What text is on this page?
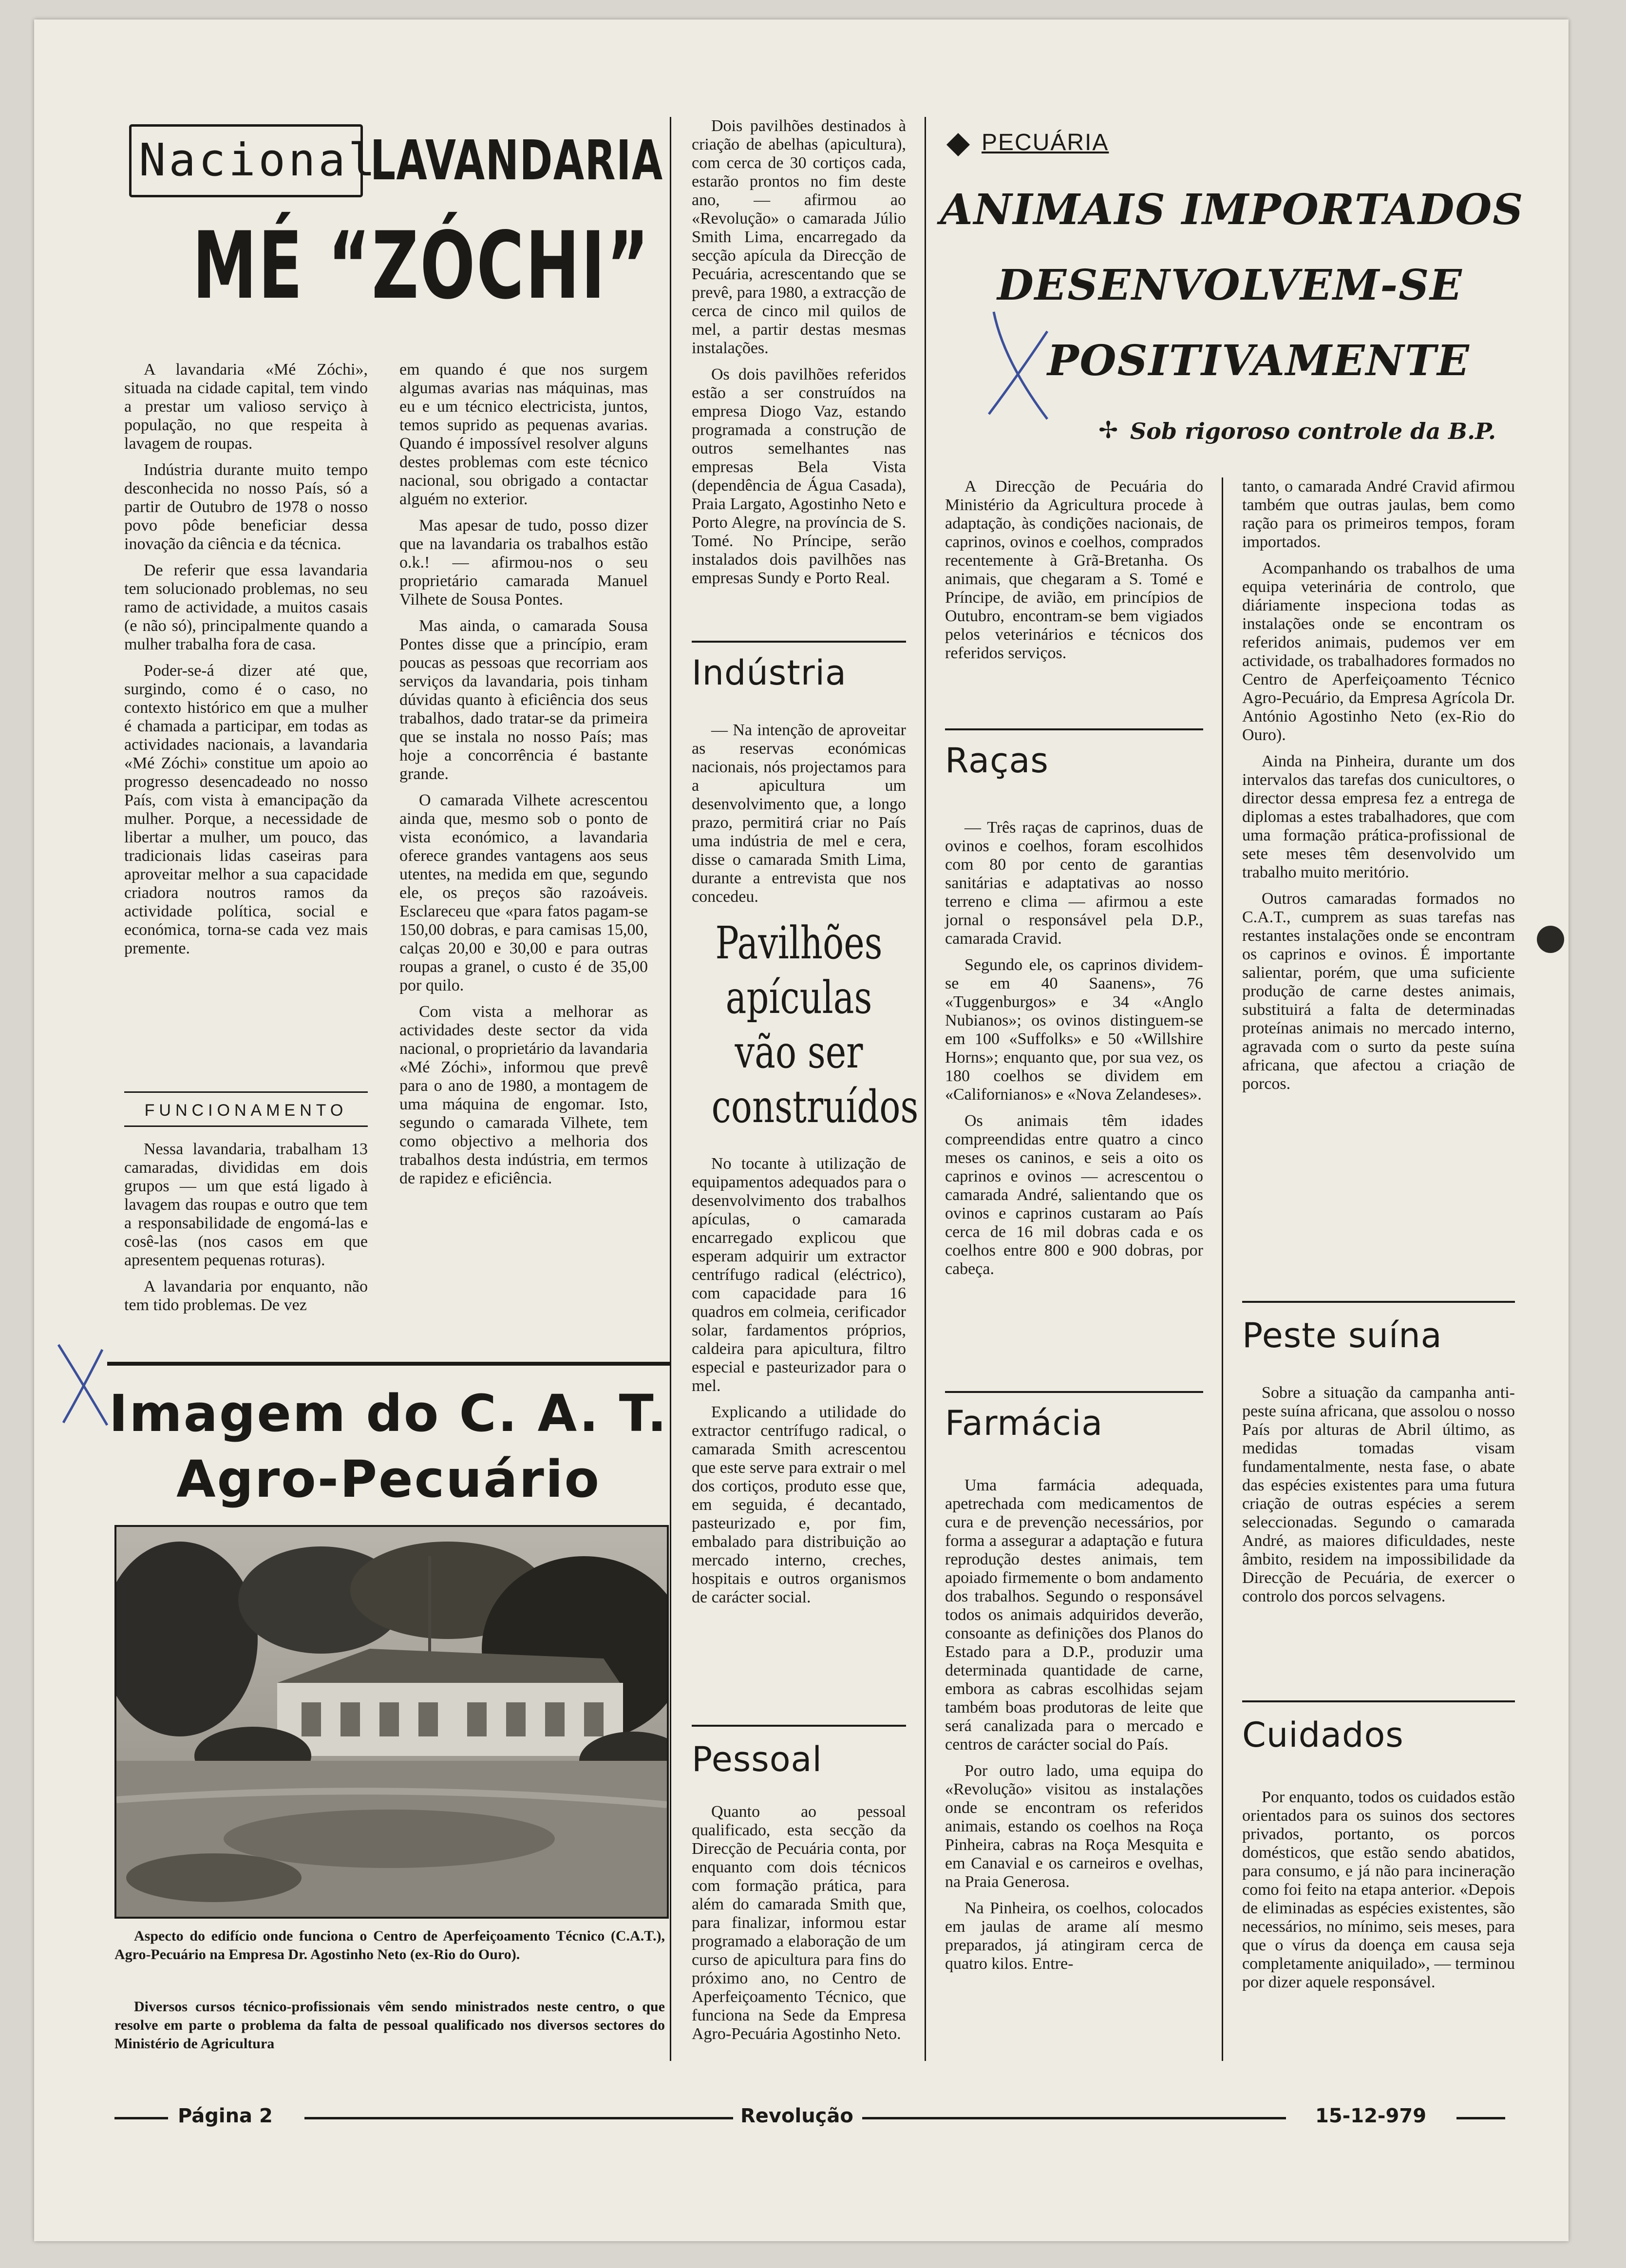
Nacional
LAVANDARIA
MÉ “ZÓCHI”

A lavandaria «Mé Zóchi», situada na cidade capital, tem vindo a prestar um valioso serviço à população, no que respeita à lavagem de roupas.

Indústria durante muito tempo desconhecida no nosso País, só a partir de Outubro de 1978 o nosso povo pôde beneficiar dessa inovação da ciência e da técnica.

De referir que essa lavandaria tem solucionado problemas, no seu ramo de actividade, a muitos casais (e não só), principalmente quando a mulher trabalha fora de casa.

Poder-se-á dizer até que, surgindo, como é o caso, no contexto histórico em que a mulher é chamada a participar, em todas as actividades nacionais, a lavandaria «Mé Zóchi» constitue um apoio ao progresso desencadeado no nosso País, com vista à emancipação da mulher. Porque, a necessidade de libertar a mulher, um pouco, das tradicionais lidas caseiras para aproveitar melhor a sua capacidade criadora noutros ramos da actividade política, social e económica, torna-se cada vez mais premente.

FUNCIONAMENTO

Nessa lavandaria, trabalham 13 camaradas, divididas em dois grupos — um que está ligado à lavagem das roupas e outro que tem a responsabilidade de engomá-las e cosê-las (nos casos em que apresentem pequenas roturas).

A lavandaria por enquanto, não tem tido problemas. De vez

em quando é que nos surgem algumas avarias nas máquinas, mas eu e um técnico electricista, juntos, temos suprido as pequenas avarias. Quando é impossível resolver alguns destes problemas com este técnico nacional, sou obrigado a contactar alguém no exterior.

Mas apesar de tudo, posso dizer que na lavandaria os trabalhos estão o.k.! — afirmou-nos o seu proprietário camarada Manuel Vilhete de Sousa Pontes.

Mas ainda, o camarada Sousa Pontes disse que a princípio, eram poucas as pessoas que recorriam aos serviços da lavandaria, pois tinham dúvidas quanto à eficiência dos seus trabalhos, dado tratar-se da primeira que se instala no nosso País; mas hoje a concorrência é bastante grande.

O camarada Vilhete acrescentou ainda que, mesmo sob o ponto de vista económico, a lavandaria oferece grandes vantagens aos seus utentes, na medida em que, segundo ele, os preços são razoáveis. Esclareceu que «para fatos pagam-se 150,00 dobras, e para camisas 15,00, calças 20,00 e 30,00 e para outras roupas a granel, o custo é de 35,00 por quilo.

Com vista a melhorar as actividades deste sector da vida nacional, o proprietário da lavandaria «Mé Zóchi», informou que prevê para o ano de 1980, a montagem de uma máquina de engomar. Isto, segundo o camarada Vilhete, tem como objectivo a melhoria dos trabalhos desta indústria, em termos de rapidez e eficiência.

Imagem do C. A. T.
Agro-Pecuário
Aspecto do edifício onde funciona o Centro de Aperfeiçoamento Técnico (C.A.T.), Agro-Pecuário na Empresa Dr. Agostinho Neto (ex-Rio do Ouro).
Diversos cursos técnico-profissionais vêm sendo ministrados neste centro, o que resolve em parte o problema da falta de pessoal qualificado nos diversos sectores do Ministério de Agricultura

Dois pavilhões destinados à criação de abelhas (apicultura), com cerca de 30 cortiços cada, estarão prontos no fim deste ano, — afirmou ao «Revolução» o camarada Júlio Smith Lima, encarregado da secção apícula da Direcção de Pecuária, acrescentando que se prevê, para 1980, a extracção de cerca de cinco mil quilos de mel, a partir destas mesmas instalações.

Os dois pavilhões referidos estão a ser construídos na empresa Diogo Vaz, estando programada a construção de outros semelhantes nas empresas Bela Vista (dependência de Água Casada), Praia Largato, Agostinho Neto e Porto Alegre, na província de S. Tomé. No Príncipe, serão instalados dois pavilhões nas empresas Sundy e Porto Real.

Indústria

— Na intenção de aproveitar as reservas económicas nacionais, nós projectamos para a apicultura um desenvolvimento que, a longo prazo, permitirá criar no País uma indústria de mel e cera, disse o camarada Smith Lima, durante a entrevista que nos concedeu.

Pavilhões
apículas
vão ser
construídos

No tocante à utilização de equipamentos adequados para o desenvolvimento dos trabalhos apículas, o camarada encarregado explicou que esperam adquirir um extractor centrífugo radical (eléctrico), com capacidade para 16 quadros em colmeia, cerificador solar, fardamentos próprios, caldeira para apicultura, filtro especial e pasteurizador para o mel.

Explicando a utilidade do extractor centrífugo radical, o camarada Smith acrescentou que este serve para extrair o mel dos cortiços, produto esse que, em seguida, é decantado, pasteurizado e, por fim, embalado para distribuição ao mercado interno, creches, hospitais e outros organismos de carácter social.

Pessoal

Quanto ao pessoal qualificado, esta secção da Direcção de Pecuária conta, por enquanto com dois técnicos com formação prática, para além do camarada Smith que, para finalizar, informou estar programado a elaboração de um curso de apicultura para fins do próximo ano, no Centro de Aperfeiçoamento Técnico, que funciona na Sede da Empresa Agro-Pecuária Agostinho Neto.

PECUÁRIA
ANIMAIS IMPORTADOS
DESENVOLVEM-SE
POSITIVAMENTE
✢ Sob rigoroso controle da B.P.

A Direcção de Pecuária do Ministério da Agricultura procede à adaptação, às condições nacionais, de caprinos, ovinos e coelhos, comprados recentemente à Grã-Bretanha. Os animais, que chegaram a S. Tomé e Príncipe, de avião, em princípios de Outubro, encontram-se bem vigiados pelos veterinários e técnicos dos referidos serviços.

Raças

— Três raças de caprinos, duas de ovinos e coelhos, foram escolhidos com 80 por cento de garantias sanitárias e adaptativas ao nosso terreno e clima — afirmou a este jornal o responsável pela D.P., camarada Cravid.

Segundo ele, os caprinos dividem-se em 40 Saanens», 76 «Tuggenburgos» e 34 «Anglo Nubianos»; os ovinos distinguem-se em 100 «Suffolks» e 50 «Willshire Horns»; enquanto que, por sua vez, os 180 coelhos se dividem em «Californianos» e «Nova Zelandeses».

Os animais têm idades compreendidas entre quatro a cinco meses os caninos, e seis a oito os caprinos e ovinos — acrescentou o camarada André, salientando que os ovinos e caprinos custaram ao País cerca de 16 mil dobras cada e os coelhos entre 800 e 900 dobras, por cabeça.

Farmácia

Uma farmácia adequada, apetrechada com medicamentos de cura e de prevenção necessários, por forma a assegurar a adaptação e futura reprodução destes animais, tem apoiado firmemente o bom andamento dos trabalhos. Segundo o responsável todos os animais adquiridos deverão, consoante as definições dos Planos do Estado para a D.P., produzir uma determinada quantidade de carne, embora as cabras escolhidas sejam também boas produtoras de leite que será canalizada para o mercado e centros de carácter social do País.

Por outro lado, uma equipa do «Revolução» visitou as instalações onde se encontram os referidos animais, estando os coelhos na Roça Pinheira, cabras na Roça Mesquita e em Canavial e os carneiros e ovelhas, na Praia Generosa.

Na Pinheira, os coelhos, colocados em jaulas de arame alí mesmo preparados, já atingiram cerca de quatro kilos. Entre-

tanto, o camarada André Cravid afirmou também que outras jaulas, bem como ração para os primeiros tempos, foram importados.

Acompanhando os trabalhos de uma equipa veterinária de controlo, que diáriamente inspeciona todas as instalações onde se encontram os referidos animais, pudemos ver em actividade, os trabalhadores formados no Centro de Aperfeiçoamento Técnico Agro-Pecuário, da Empresa Agrícola Dr. António Agostinho Neto (ex-Rio do Ouro).

Ainda na Pinheira, durante um dos intervalos das tarefas dos cunicultores, o director dessa empresa fez a entrega de diplomas a estes trabalhadores, que com uma formação prática-profissional de sete meses têm desenvolvido um trabalho muito meritório.

Outros camaradas formados no C.A.T., cumprem as suas tarefas nas restantes instalações onde se encontram os caprinos e ovinos. É importante salientar, porém, que uma suficiente produção de carne destes animais, substituirá a falta de determinadas proteínas animais no mercado interno, agravada com o surto da peste suína africana, que afectou a criação de porcos.

Peste suína

Sobre a situação da campanha anti-peste suína africana, que assolou o nosso País por alturas de Abril último, as medidas tomadas visam fundamentalmente, nesta fase, o abate das espécies existentes para uma futura criação de outras espécies a serem seleccionadas. Segundo o camarada André, as maiores dificuldades, neste âmbito, residem na impossibilidade da Direcção de Pecuária, de exercer o controlo dos porcos selvagens.

Cuidados

Por enquanto, todos os cuidados estão orientados para os suinos dos sectores privados, portanto, os porcos domésticos, que estão sendo abatidos, para consumo, e já não para incineração como foi feito na etapa anterior. «Depois de eliminadas as espécies existentes, são necessários, no mínimo, seis meses, para que o vírus da doença em causa seja completamente aniquilado», — terminou por dizer aquele responsável.

Página 2	Revolução	15-12-979
